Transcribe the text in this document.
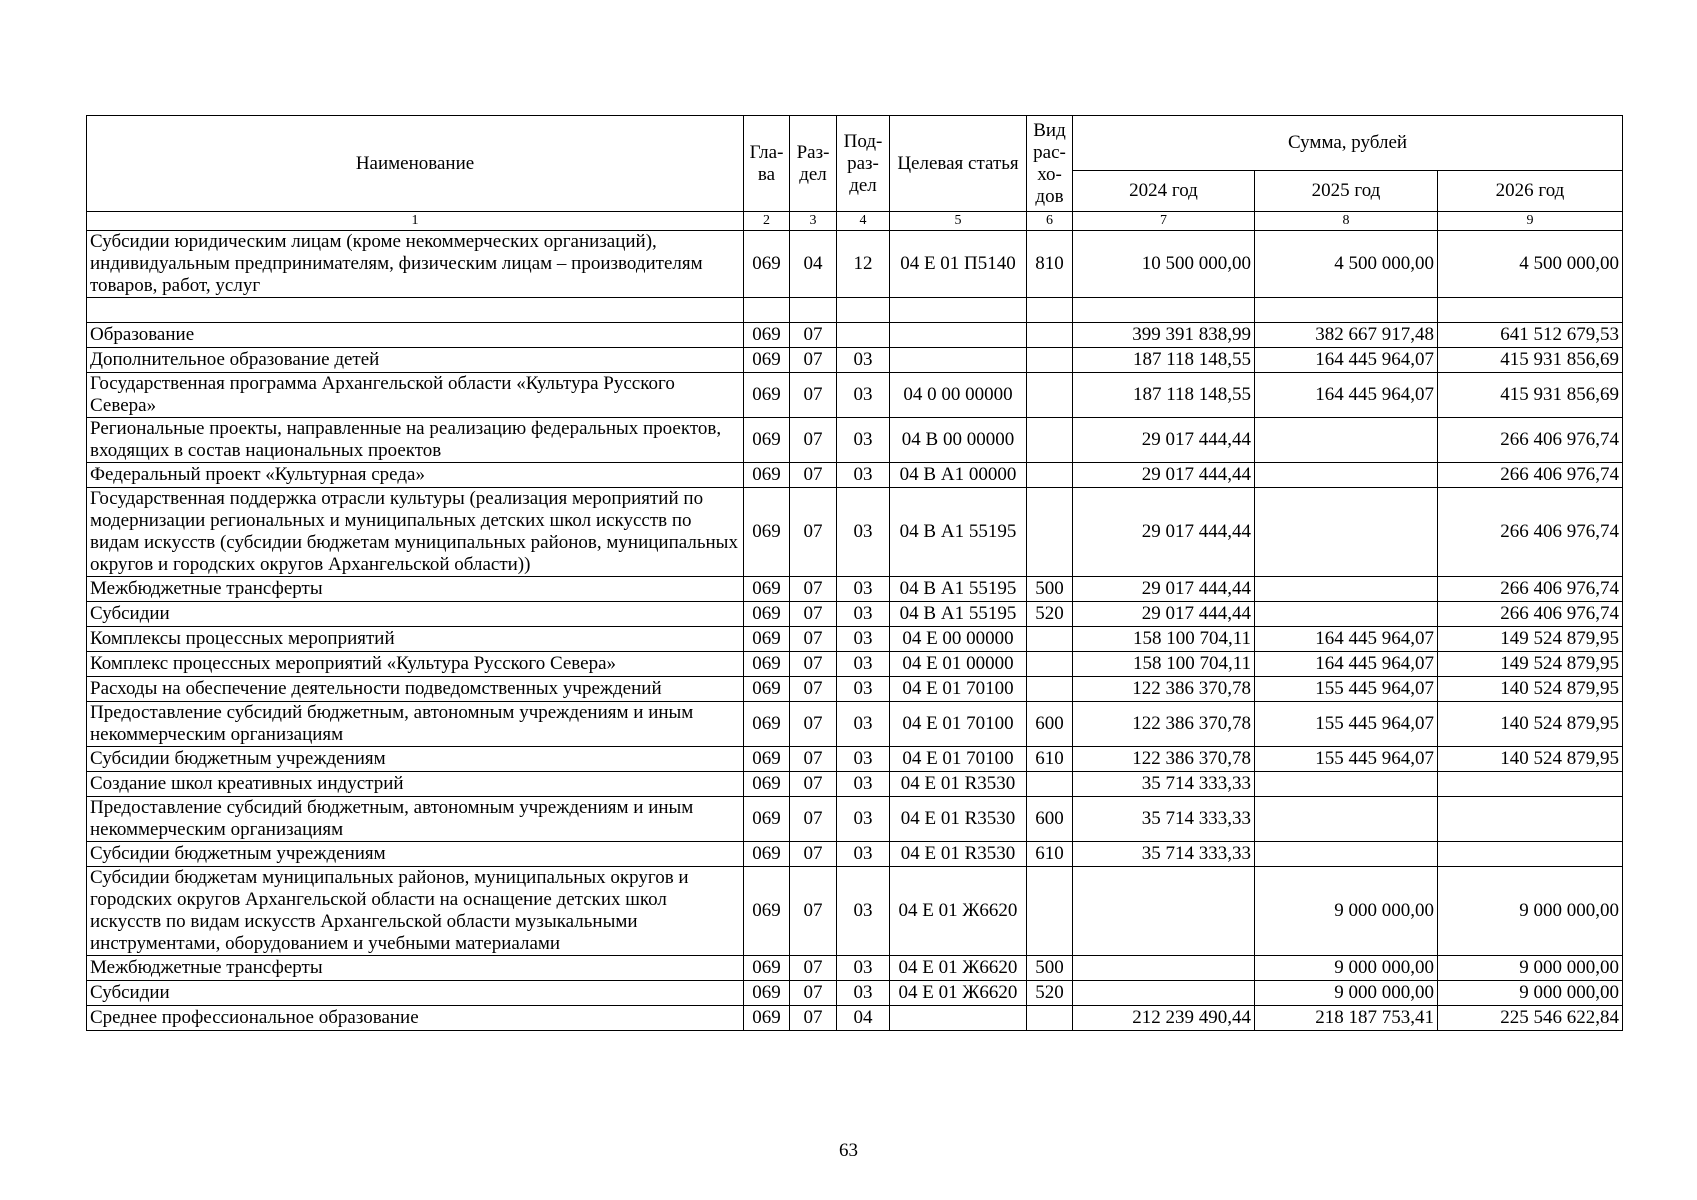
Наименование	Гла-ва	Раз-дел	Под-раз-дел	Целевая статья	Вид рас-хо-дов	Сумма, рублей		
						2024 год	2025 год	2026 год
1	2	3	4	5	6	7	8	9
Субсидии юридическим лицам (кроме некоммерческих организаций), индивидуальным предпринимателям, физическим лицам – производителям товаров, работ, услуг	069	04	12	04 Е 01 П5140	810	10 500 000,00	4 500 000,00	4 500 000,00

Образование	069	07				399 391 838,99	382 667 917,48	641 512 679,53
Дополнительное образование детей	069	07	03			187 118 148,55	164 445 964,07	415 931 856,69
Государственная программа Архангельской области «Культура Русского Севера»	069	07	03	04 0 00 00000		187 118 148,55	164 445 964,07	415 931 856,69
Региональные проекты, направленные на реализацию федеральных проектов, входящих в состав национальных проектов	069	07	03	04 В 00 00000		29 017 444,44		266 406 976,74
Федеральный проект «Культурная среда»	069	07	03	04 В А1 00000		29 017 444,44		266 406 976,74
Государственная поддержка отрасли культуры (реализация мероприятий по модернизации региональных и муниципальных детских школ искусств по видам искусств (субсидии бюджетам муниципальных районов, муниципальных округов и городских округов Архангельской области))	069	07	03	04 В А1 55195		29 017 444,44		266 406 976,74
Межбюджетные трансферты	069	07	03	04 В А1 55195	500	29 017 444,44		266 406 976,74
Субсидии	069	07	03	04 В А1 55195	520	29 017 444,44		266 406 976,74
Комплексы процессных мероприятий	069	07	03	04 Е 00 00000		158 100 704,11	164 445 964,07	149 524 879,95
Комплекс процессных мероприятий «Культура Русского Севера»	069	07	03	04 Е 01 00000		158 100 704,11	164 445 964,07	149 524 879,95
Расходы на обеспечение деятельности подведомственных учреждений	069	07	03	04 Е 01 70100		122 386 370,78	155 445 964,07	140 524 879,95
Предоставление субсидий бюджетным, автономным учреждениям и иным некоммерческим организациям	069	07	03	04 Е 01 70100	600	122 386 370,78	155 445 964,07	140 524 879,95
Субсидии бюджетным учреждениям	069	07	03	04 Е 01 70100	610	122 386 370,78	155 445 964,07	140 524 879,95
Создание школ креативных индустрий	069	07	03	04 Е 01 R3530		35 714 333,33		
Предоставление субсидий бюджетным, автономным учреждениям и иным некоммерческим организациям	069	07	03	04 Е 01 R3530	600	35 714 333,33		
Субсидии бюджетным учреждениям	069	07	03	04 Е 01 R3530	610	35 714 333,33		
Субсидии бюджетам муниципальных районов, муниципальных округов и городских округов Архангельской области на оснащение детских школ искусств по видам искусств Архангельской области музыкальными инструментами, оборудованием и учебными материалами	069	07	03	04 Е 01 Ж6620			9 000 000,00	9 000 000,00
Межбюджетные трансферты	069	07	03	04 Е 01 Ж6620	500		9 000 000,00	9 000 000,00
Субсидии	069	07	03	04 Е 01 Ж6620	520		9 000 000,00	9 000 000,00
Среднее профессиональное образование	069	07	04			212 239 490,44	218 187 753,41	225 546 622,84
63
